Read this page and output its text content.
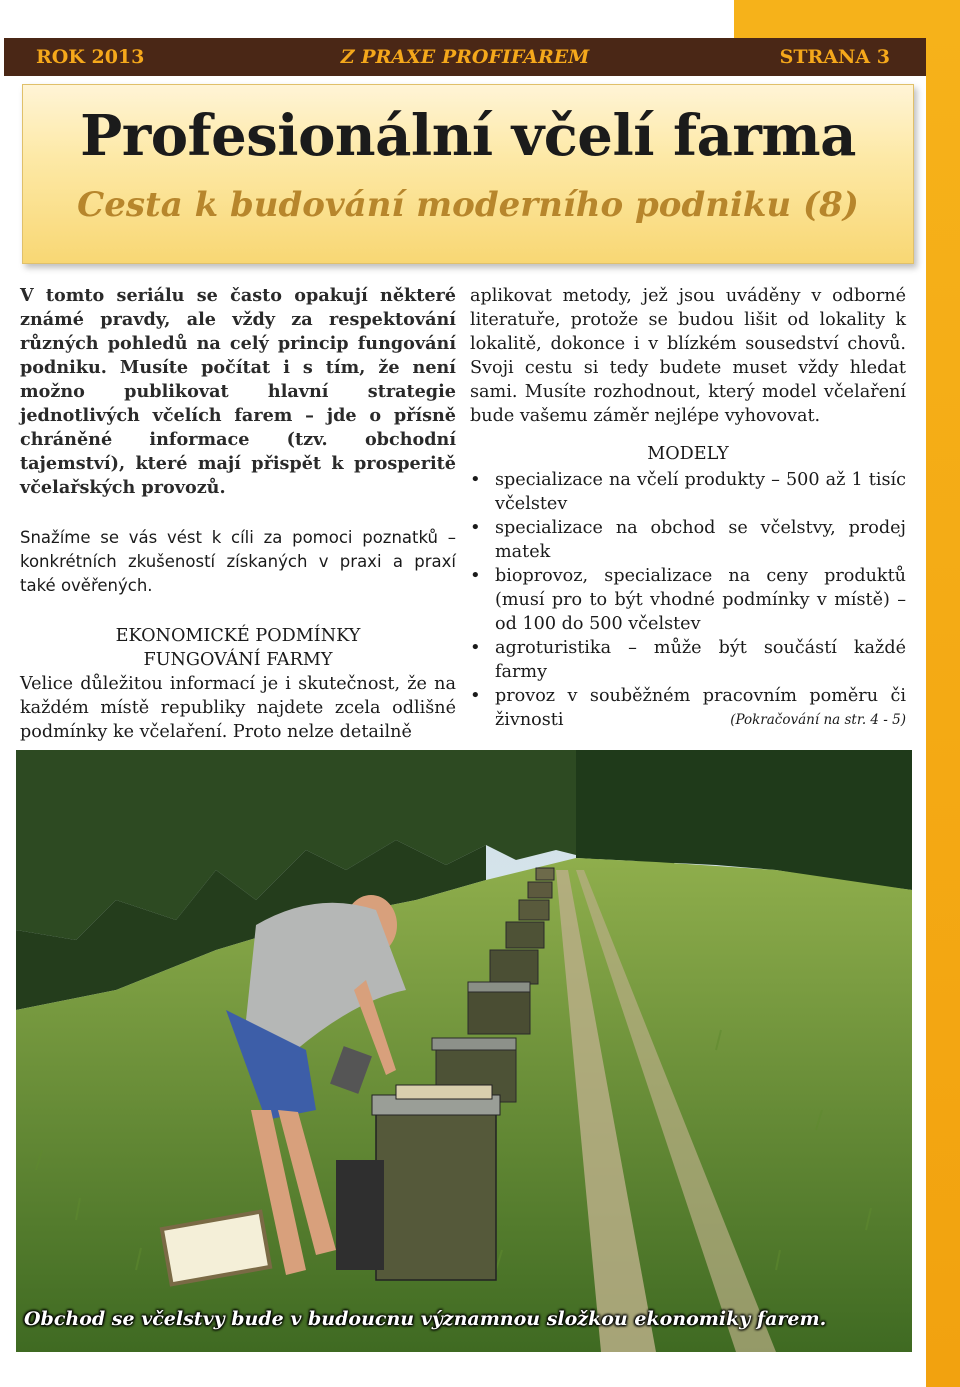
ROK 2013	Z PRAXE PROFIFAREM	STRANA 3
Profesionální včelí farma
Cesta k budování moderního podniku (8)

V tomto seriálu se často opakují některé známé pravdy, ale vždy za respektování různých pohledů na celý princip fungování podniku. Musíte počítat i s tím, že není možno publikovat hlavní strategie jednotlivých včelích farem – jde o přísně chráněné informace (tzv. obchodní tajemství), které mají přispět k prosperitě včelařských provozů.

Snažíme se vás vést k cíli za pomoci poznatků – konkrétních zkušeností získaných v praxi a praxí také ověřených.

EKONOMICKÉ PODMÍNKY
FUNGOVÁNÍ FARMY

Velice důležitou informací je i skutečnost, že na každém místě republiky najdete zcela odlišné podmínky ke včelaření. Proto nelze detailně

aplikovat metody, jež jsou uváděny v odborné literatuře, protože se budou lišit od lokality k lokalitě, dokonce i v blízkém sousedství chovů. Svoji cestu si tedy budete muset vždy hledat sami. Musíte rozhodnout, který model včelaření bude vašemu záměr nejlépe vyhovovat.

MODELY

• specializace na včelí produkty – 500 až 1 tisíc včelstev
• specializace na obchod se včelstvy, prodej matek
• bioprovoz, specializace na ceny produktů (musí pro to být vhodné podmínky v místě) – od 100 do 500 včelstev
• agroturistika – může být součástí každé farmy
• provoz v souběžném pracovním poměru či živnosti	(Pokračování na str. 4 - 5)
Obchod se včelstvy bude v budoucnu významnou složkou ekonomiky farem.
